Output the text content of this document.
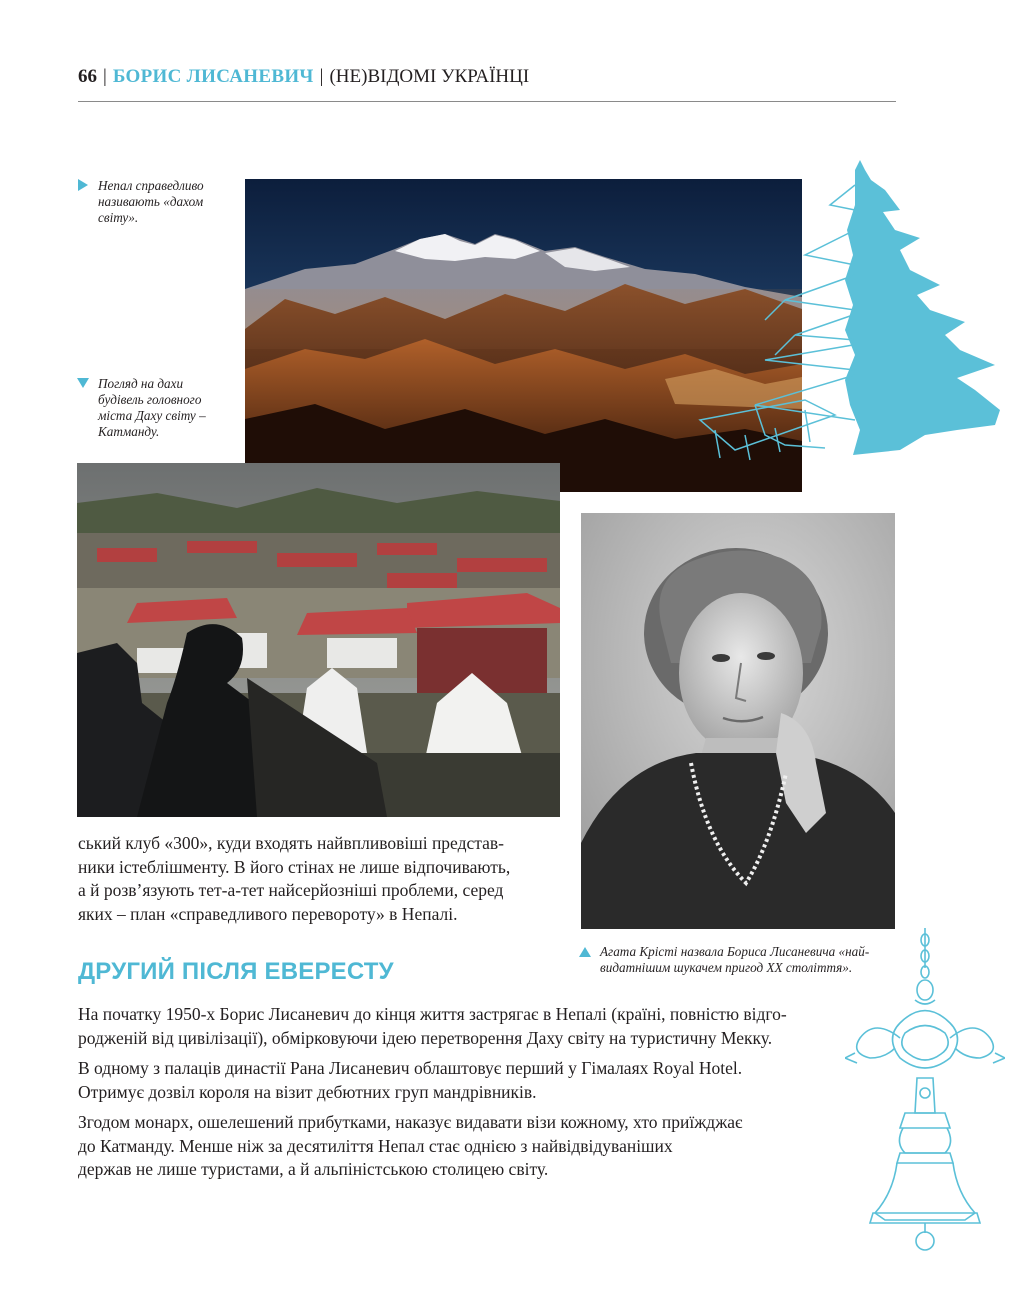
66 | БОРИС ЛИСАНЕВИЧ | (НЕ)ВІДОМІ УКРАЇНЦІ
Непал справедливо
називають «дахом
світу».
Погляд на дахи
будівель головного
міста Даху світу –
Катманду.
ський клуб «300», куди входять найвпливовіші представ-
ники істеблішменту. В його стінах не лише відпочивають,
а й розв’язують тет-а-тет найсерйозніші проблеми, серед
яких – план «справедливого перевороту» в Непалі.
Агата Крісті назвала Бориса Лисаневича «най-
видатнішим шукачем пригод XX століття».
ДРУГИЙ ПІСЛЯ ЕВЕРЕСТУ
На початку 1950-х Борис Лисаневич до кінця життя застрягає в Непалі (країні, повністю відго-
роджeній від цивілізації), обмірковуючи ідею перетворення Даху світу на туристичну Мекку.
В одному з палаців династії Рана Лисаневич облаштовує перший у Гімалаях Royal Hotel.
Отримує дозвіл короля на візит дебютних груп мандрівників.
Згодом монарх, ошелешений прибутками, наказує видавати візи кожному, хто приїжджає
до Катманду. Менше ніж за десятиліття Непал стає однією з найвідвідуваніших
держав не лише туристами, а й альпіністською столицею світу.
